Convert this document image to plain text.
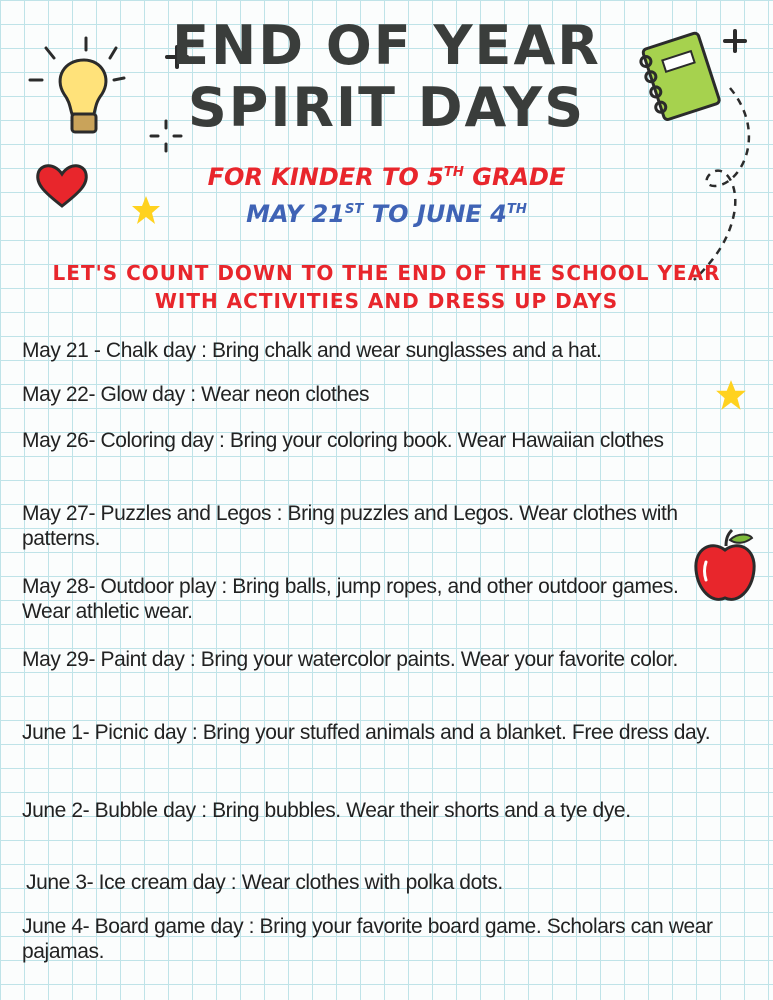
END OF YEAR
SPIRIT DAYS
FOR KINDER TO 5TH GRADE
MAY 21ST TO JUNE 4TH
LET'S COUNT DOWN TO THE END OF THE SCHOOL YEAR
WITH ACTIVITIES AND DRESS UP DAYS
May 21 - Chalk day : Bring chalk and wear sunglasses and a hat.
May 22- Glow day : Wear neon clothes
May 26- Coloring day : Bring your coloring book. Wear Hawaiian clothes
May 27- Puzzles and Legos : Bring puzzles and Legos. Wear clothes with patterns.
May 28- Outdoor play : Bring balls, jump ropes, and other outdoor games. Wear athletic wear.
May 29- Paint day : Bring your watercolor paints. Wear your favorite color.
June 1- Picnic day : Bring your stuffed animals and a blanket. Free dress day.
June 2- Bubble day : Bring bubbles. Wear their shorts and a tye dye.
June 3- Ice cream day : Wear clothes with polka dots.
June 4- Board game day : Bring your favorite board game. Scholars can wear pajamas.
